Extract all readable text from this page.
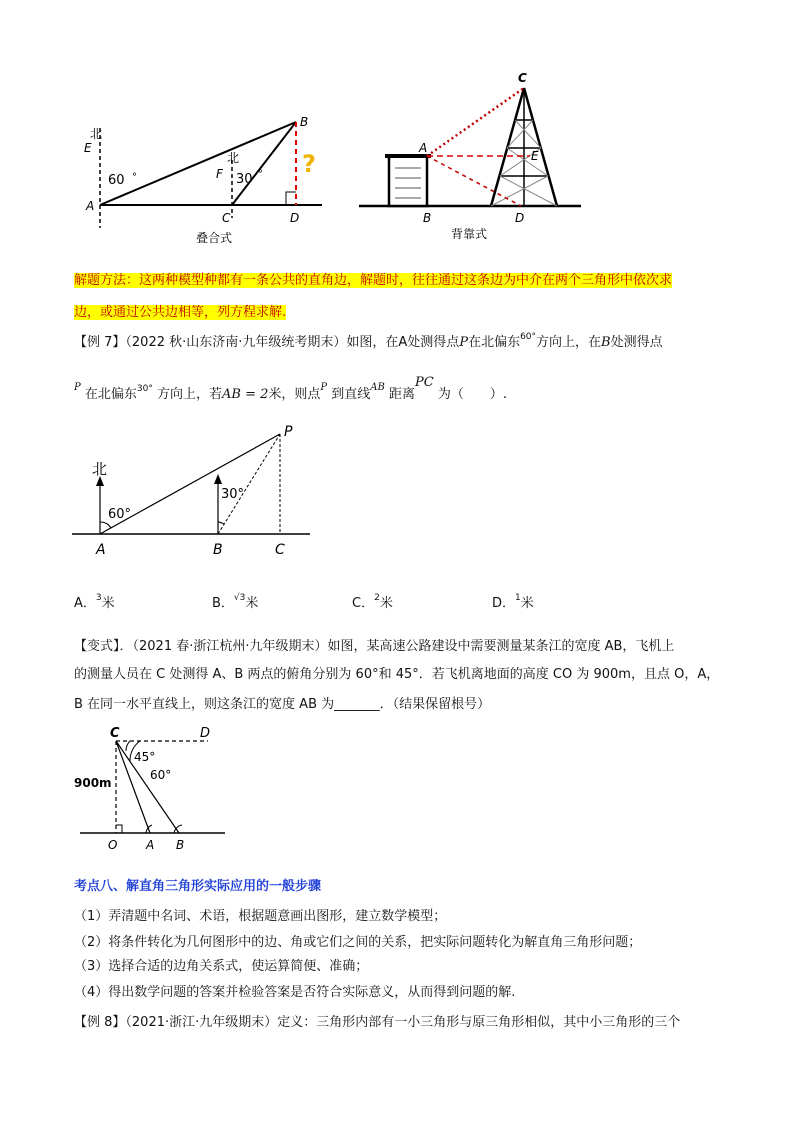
北
E
60 °
A
F
北
30 °
C
B
D
?
叠合式
C
A
E
B	D
背靠式
解题方法：这两种模型种都有一条公共的直角边，解题时，往往通过这条边为中介在两个三角形中依次求
边，或通过公共边相等，列方程求解.
【例 7】（2022 秋·山东济南·九年级统考期末）如图，在A处测得点P在北偏东$^{60^\circ}$方向上，在B处测得点
$^P$ 在北偏东$^{30^\circ}$ 方向上，若AB = 2米，则点$^P$ 到直线$^{AB}$ 距离PC 为（　　）.
北
60°
30°
A	B	C
P
A．$^3$米	B．$^{√3}$米	C．$^2$米	D．$^1$米
【变式】．（2021 春·浙江杭州·九年级期末）如图，某高速公路建设中需要测量某条江的宽度 AB，飞机上
的测量人员在 C 处测得 A、B 两点的俯角分别为 60°和 45°．若飞机离地面的高度 CO 为 900m，且点 O，A，
B 在同一水平直线上，则这条江的宽度 AB 为_______．（结果保留根号）
C	D
45°
60°
900m
O A B
考点八、解直角三角形实际应用的一般步骤
（1）弄清题中名词、术语，根据题意画出图形，建立数学模型；
（2）将条件转化为几何图形中的边、角或它们之间的关系，把实际问题转化为解直角三角形问题；
（3）选择合适的边角关系式，使运算简便、准确；
（4）得出数学问题的答案并检验答案是否符合实际意义，从而得到问题的解.
【例 8】（2021·浙江·九年级期末）定义：三角形内部有一小三角形与原三角形相似，其中小三角形的三个
